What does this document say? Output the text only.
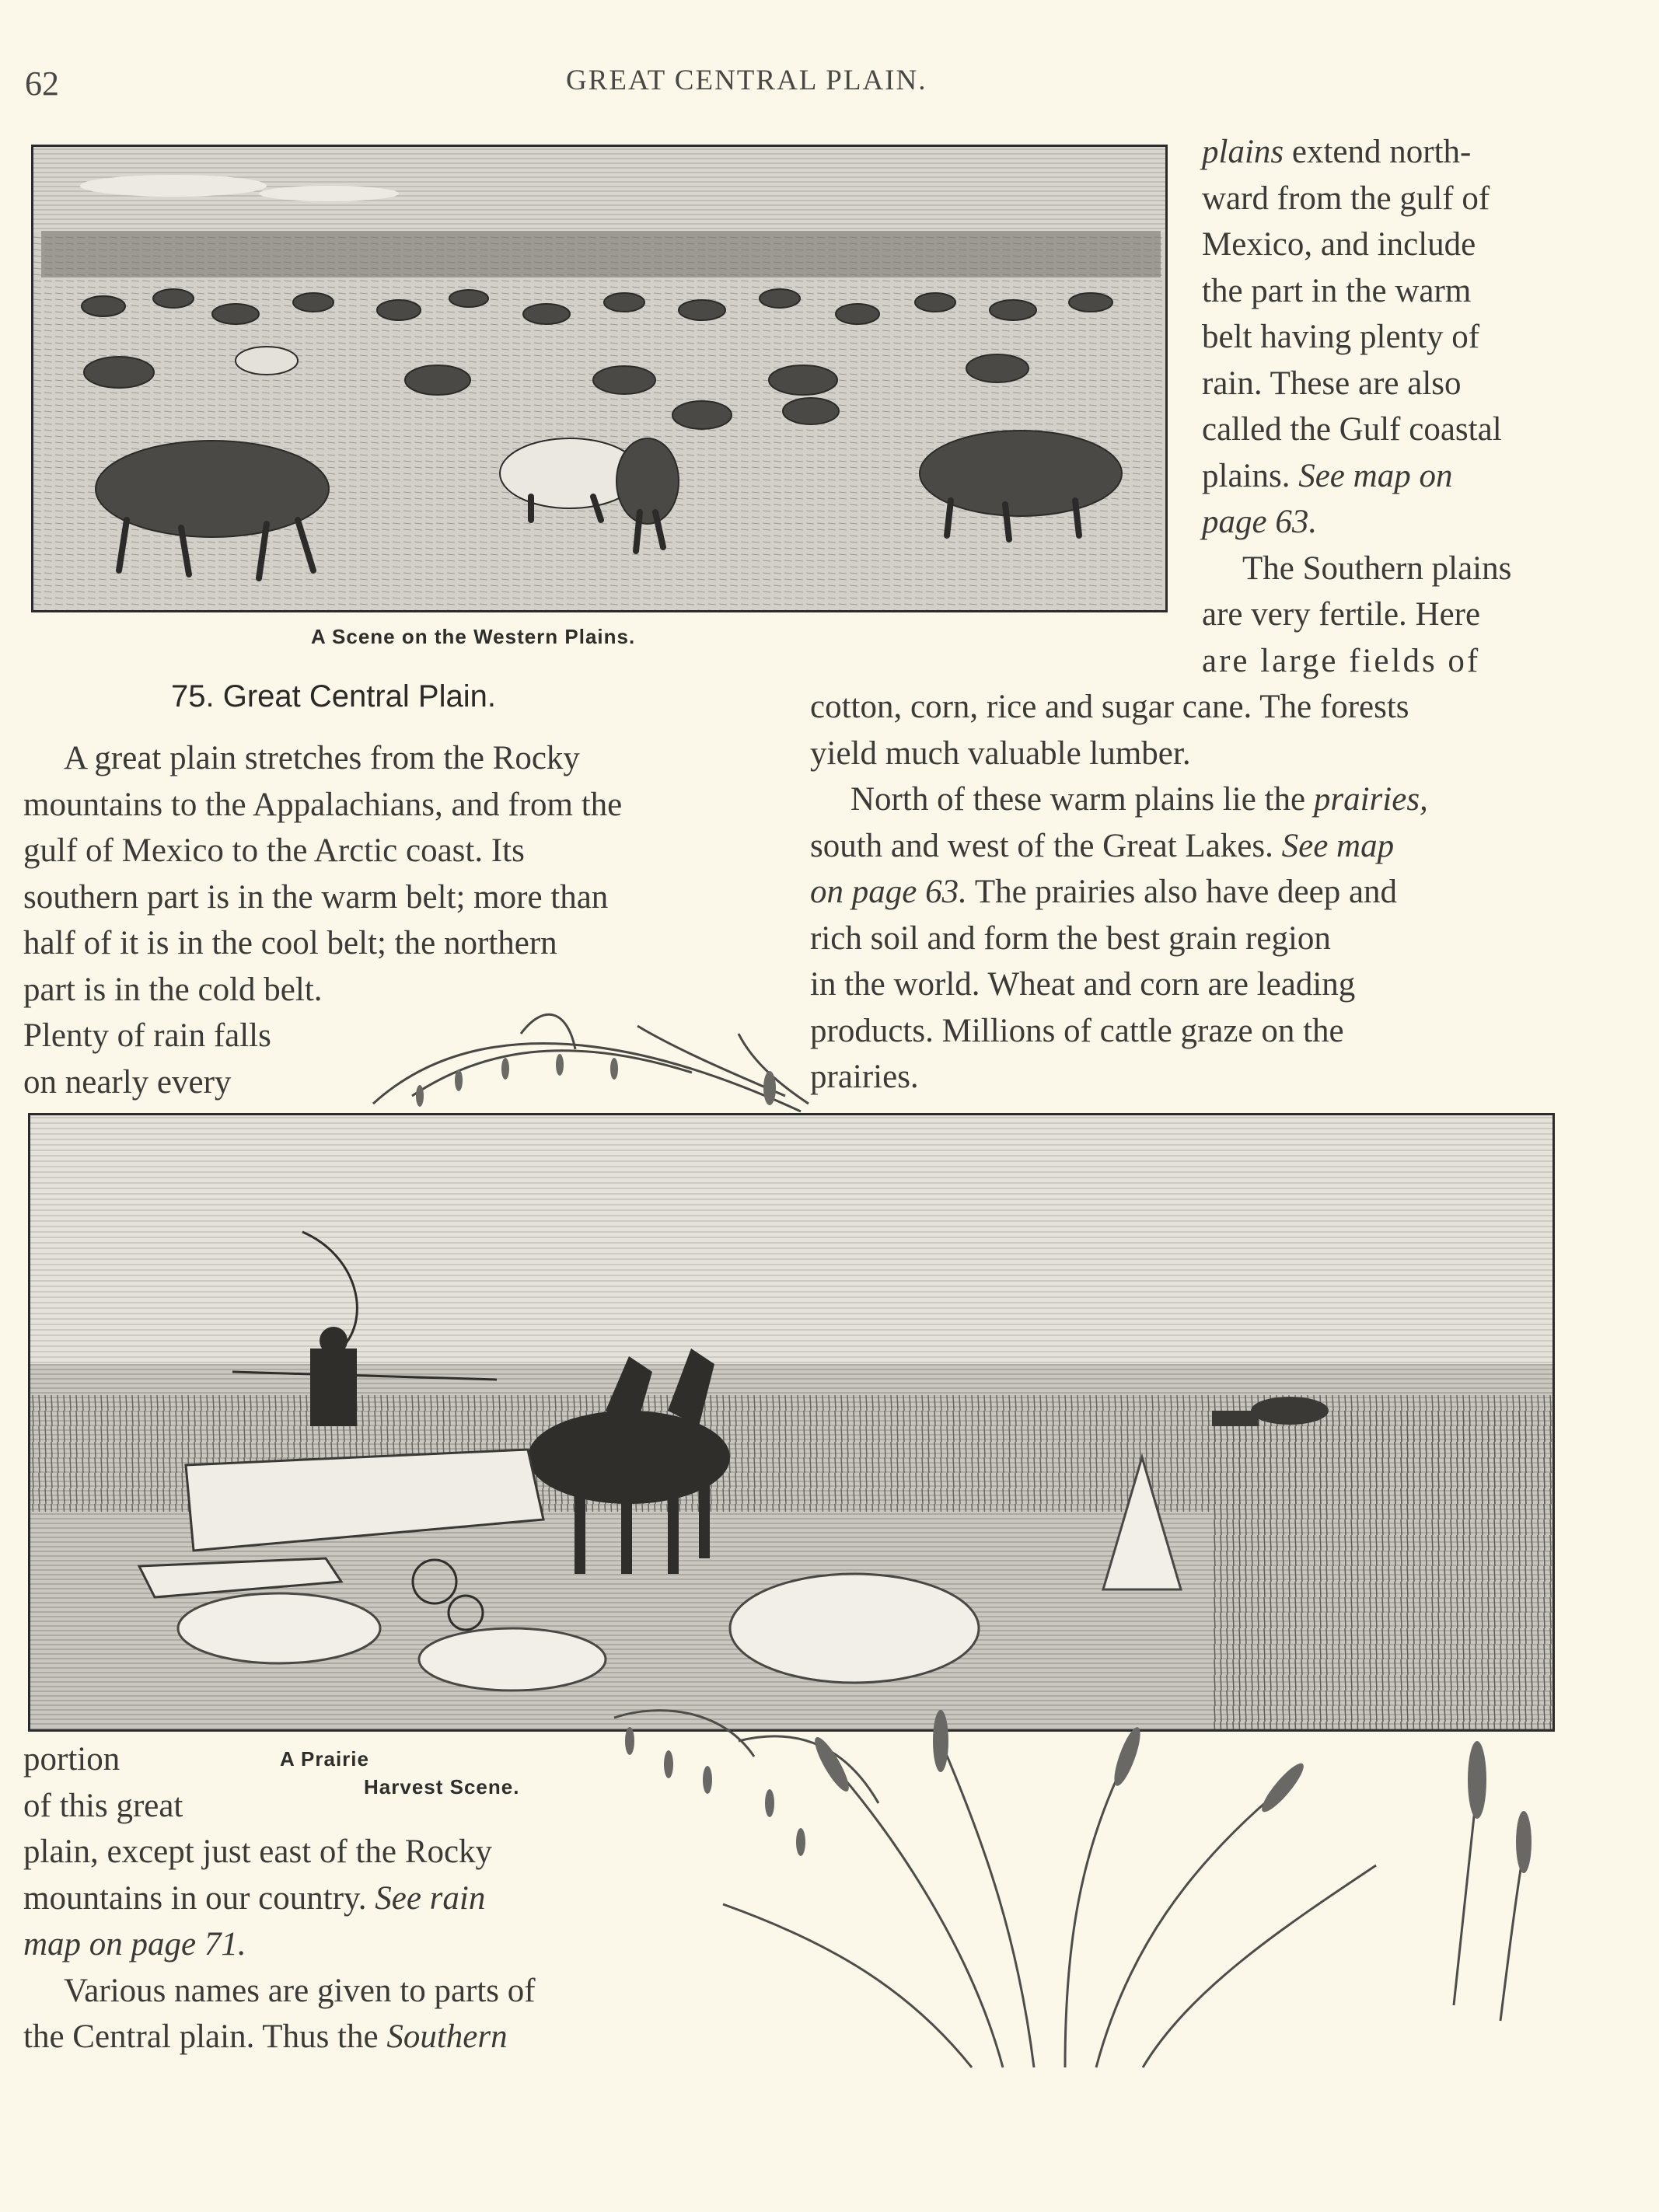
62	GREAT CENTRAL PLAIN.
A Scene on the Western Plains.

plains extend north-

ward from the gulf of

Mexico, and include

the part in the warm

belt having plenty of

rain. These are also

called the Gulf coastal

plains. See map on

page 63.

The Southern plains

are very fertile. Here

are large fields of

cotton, corn, rice and sugar cane. The forests

yield much valuable lumber.

North of these warm plains lie the prairies,

south and west of the Great Lakes. See map

on page 63. The prairies also have deep and

rich soil and form the best grain region

in the world. Wheat and corn are leading

products. Millions of cattle graze on the

prairies.

75. Great Central Plain.

A great plain stretches from the Rocky

mountains to the Appalachians, and from the

gulf of Mexico to the Arctic coast. Its

southern part is in the warm belt; more than

half of it is in the cool belt; the northern

part is in the cold belt.

Plenty of rain falls

on nearly every

portion

of this great

plain, except just east of the Rocky

mountains in our country. See rain

map on page 71.

Various names are given to parts of

the Central plain. Thus the Southern

A Prairie
Harvest Scene.
